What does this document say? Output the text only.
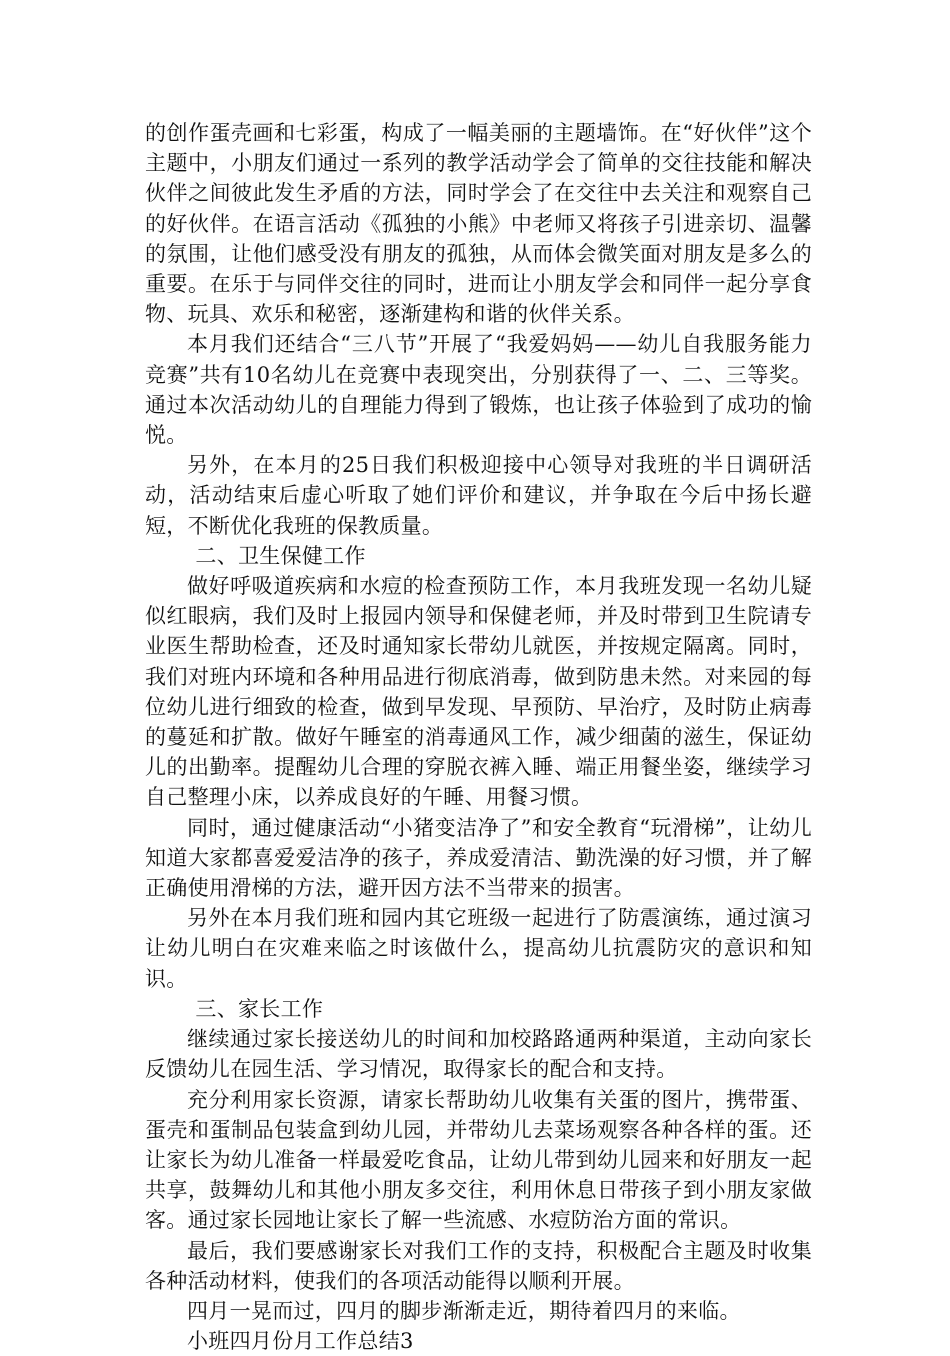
的创作蛋壳画和七彩蛋，构成了一幅美丽的主题墙饰。在“好伙伴”这个主题中，小朋友们通过一系列的教学活动学会了简单的交往技能和解决伙伴之间彼此发生矛盾的方法，同时学会了在交往中去关注和观察自己的好伙伴。在语言活动《孤独的小熊》中老师又将孩子引进亲切、温馨的氛围，让他们感受没有朋友的孤独，从而体会微笑面对朋友是多么的重要。在乐于与同伴交往的同时，进而让小朋友学会和同伴一起分享食物、玩具、欢乐和秘密，逐渐建构和谐的伙伴关系。

本月我们还结合“三八节”开展了“我爱妈妈——幼儿自我服务能力竞赛”共有10名幼儿在竞赛中表现突出，分别获得了一、二、三等奖。通过本次活动幼儿的自理能力得到了锻炼，也让孩子体验到了成功的愉悦。

另外，在本月的25日我们积极迎接中心领导对我班的半日调研活动，活动结束后虚心听取了她们评价和建议，并争取在今后中扬长避短，不断优化我班的保教质量。

二、卫生保健工作

做好呼吸道疾病和水痘的检查预防工作，本月我班发现一名幼儿疑似红眼病，我们及时上报园内领导和保健老师，并及时带到卫生院请专业医生帮助检查，还及时通知家长带幼儿就医，并按规定隔离。同时，我们对班内环境和各种用品进行彻底消毒，做到防患未然。对来园的每位幼儿进行细致的检查，做到早发现、早预防、早治疗，及时防止病毒的蔓延和扩散。做好午睡室的消毒通风工作，减少细菌的滋生，保证幼儿的出勤率。提醒幼儿合理的穿脱衣裤入睡、端正用餐坐姿，继续学习自己整理小床，以养成良好的午睡、用餐习惯。

同时，通过健康活动“小猪变洁净了”和安全教育“玩滑梯”，让幼儿知道大家都喜爱爱洁净的孩子，养成爱清洁、勤洗澡的好习惯，并了解正确使用滑梯的方法，避开因方法不当带来的损害。

另外在本月我们班和园内其它班级一起进行了防震演练，通过演习让幼儿明白在灾难来临之时该做什么，提高幼儿抗震防灾的意识和知识。

三、家长工作

继续通过家长接送幼儿的时间和加校路路通两种渠道，主动向家长反馈幼儿在园生活、学习情况，取得家长的配合和支持。

充分利用家长资源，请家长帮助幼儿收集有关蛋的图片，携带蛋、蛋壳和蛋制品包装盒到幼儿园，并带幼儿去菜场观察各种各样的蛋。还让家长为幼儿准备一样最爱吃食品，让幼儿带到幼儿园来和好朋友一起共享，鼓舞幼儿和其他小朋友多交往，利用休息日带孩子到小朋友家做客。通过家长园地让家长了解一些流感、水痘防治方面的常识。

最后，我们要感谢家长对我们工作的支持，积极配合主题及时收集各种活动材料，使我们的各项活动能得以顺利开展。

四月一晃而过，四月的脚步渐渐走近，期待着四月的来临。

小班四月份月工作总结3
